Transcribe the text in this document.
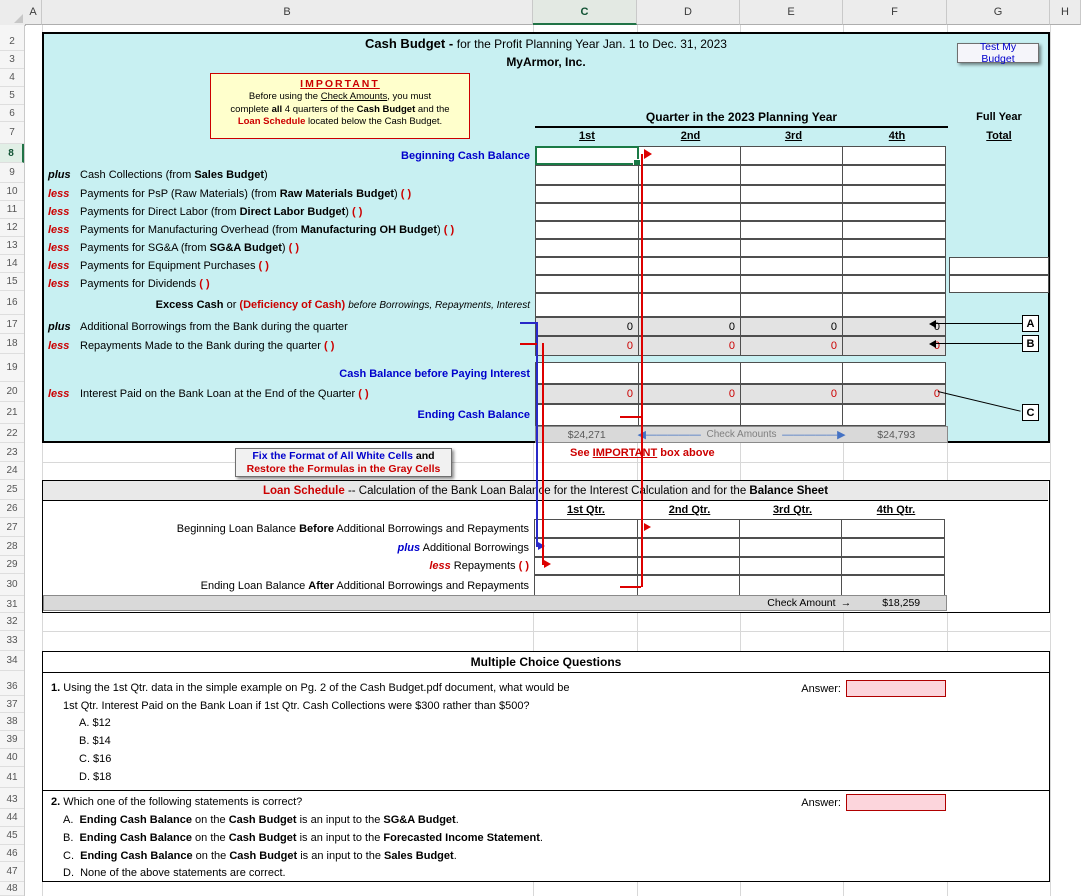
A	B	C	D	E	F	G	H
2
3
4
5
6
7
8
9
10
11
12
13
14
15
16
17
18
19
20
21
22
23
24
25
26
27
28
29
30
31
32
33
34
36
37
38
39
40
41
43
44
45
46
47
48
Cash Budget - for the Profit Planning Year Jan. 1 to Dec. 31, 2023
MyArmor, Inc.
Test My Budget
IMPORTANT
Before using the Check Amounts, you must
complete all 4 quarters of the Cash Budget and the
Loan Schedule located below the Cash Budget.	Quarter in the 2023 Planning Year
1st	2nd	3rd	4th
Full Year
Total
Beginning Cash Balance
plus Cash Collections (from Sales Budget )
less Payments for PsP (Raw Materials) (from Raw Materials Budget ) ( )
less Payments for Direct Labor (from Direct Labor Budget ) ( )
less Payments for Manufacturing Overhead (from Manufacturing OH Budget ) ( )
less Payments for SG&A (from SG&A Budget ) ( )
less Payments for Equipment Purchases ( )
less Payments for Dividends ( )
Excess Cash or (Deficiency of Cash)
before Borrowings, Repayments, Interest
plus Additional Borrowings from the Bank during the quarter	0	0	0	0
less Repayments Made to the Bank during the quarter ( )	0	0	0	0
Cash Balance before Paying Interest
less Interest Paid on the Bank Loan at the End of the Quarter ( )	0	0	0	0
Ending Cash Balance
$24,271	◀ ————— Check Amounts ————— ▶	$24,793
See IMPORTANT box above
Fix the Format of All White Cells and
Restore the Formulas in the Gray Cells
Loan Schedule -- Calculation of the Bank Loan Balance for the Interest Calculation and for the Balance Sheet
1st Qtr.	2nd Qtr.	3rd Qtr.	4th Qtr.
Beginning Loan Balance Before Additional Borrowings and Repayments
plus Additional Borrowings
less Repayments ( )
Ending Loan Balance After Additional Borrowings and Repayments
Check Amount →	$18,259
Multiple Choice Questions
1. Using the 1st Qtr. data in the simple example on Pg. 2 of the Cash Budget.pdf document, what would be
1st Qtr. Interest Paid on the Bank Loan if 1st Qtr. Cash Collections were $300 rather than $500?
A. $12
B. $14
C. $16
D. $18
Answer:
2. Which one of the following statements is correct?	Answer:
A. Ending Cash Balance on the Cash Budget is an input to the SG&A Budget .
B. Ending Cash Balance on the Cash Budget is an input to the Forecasted Income Statement .
C. Ending Cash Balance on the Cash Budget is an input to the Sales Budget .
D.  None of the above statements are correct.
A
B
C
